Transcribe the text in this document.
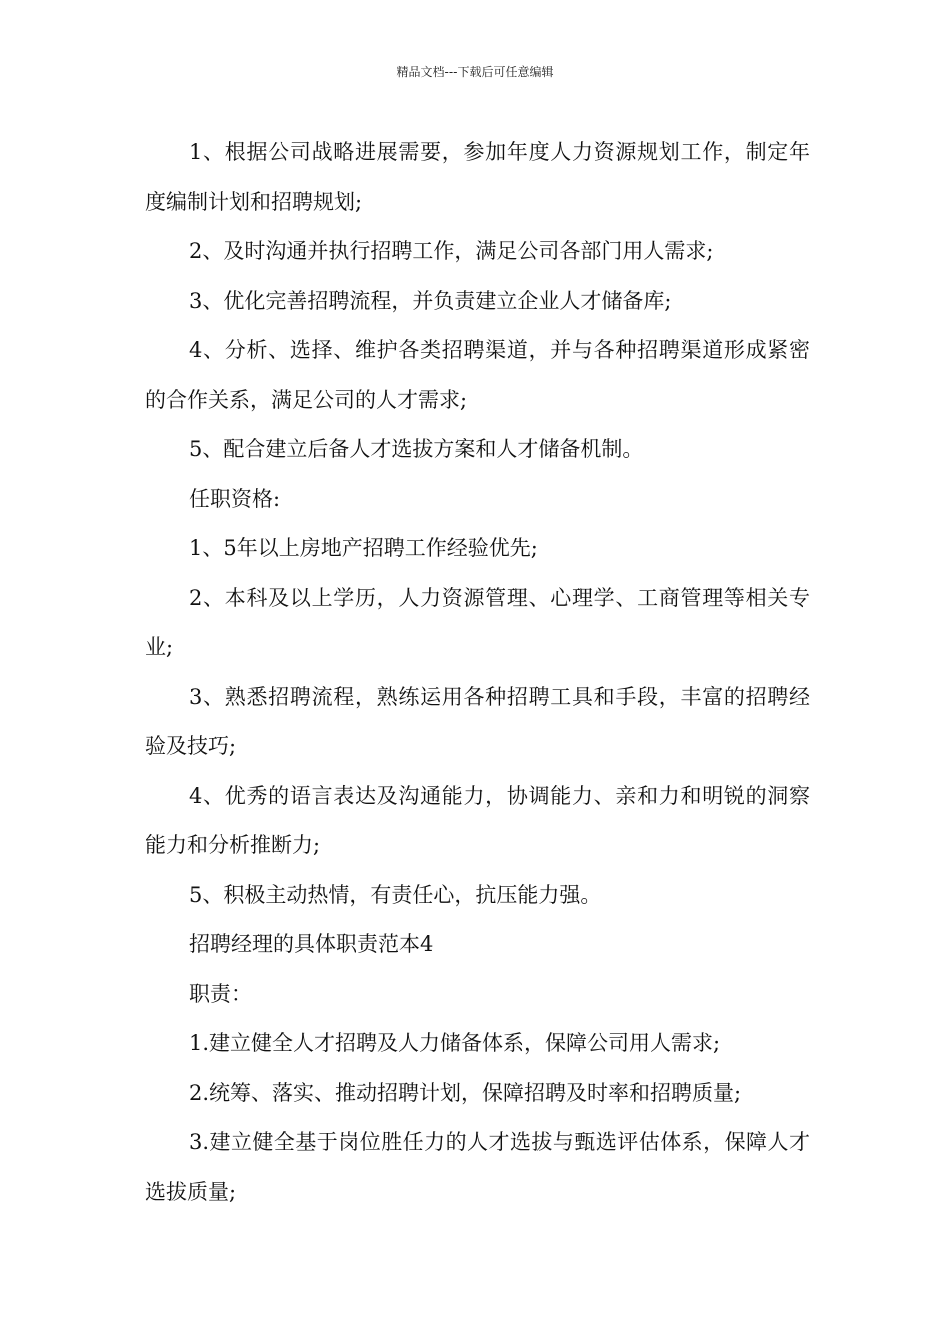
精品文档---下载后可任意编辑

1、根据公司战略进展需要，参加年度人力资源规划工作，制定年度编制计划和招聘规划;

2、及时沟通并执行招聘工作，满足公司各部门用人需求;

3、优化完善招聘流程，并负责建立企业人才储备库;

4、分析、选择、维护各类招聘渠道，并与各种招聘渠道形成紧密的合作关系，满足公司的人才需求;

5、配合建立后备人才选拔方案和人才储备机制。

任职资格:

1、5年以上房地产招聘工作经验优先;

2、本科及以上学历，人力资源管理、心理学、工商管理等相关专业;

3、熟悉招聘流程，熟练运用各种招聘工具和手段，丰富的招聘经验及技巧;

4、优秀的语言表达及沟通能力，协调能力、亲和力和明锐的洞察能力和分析推断力;

5、积极主动热情，有责任心，抗压能力强。

招聘经理的具体职责范本4

职责：

1.建立健全人才招聘及人力储备体系，保障公司用人需求;

2.统筹、落实、推动招聘计划，保障招聘及时率和招聘质量;

3.建立健全基于岗位胜任力的人才选拔与甄选评估体系，保障人才选拔质量;
